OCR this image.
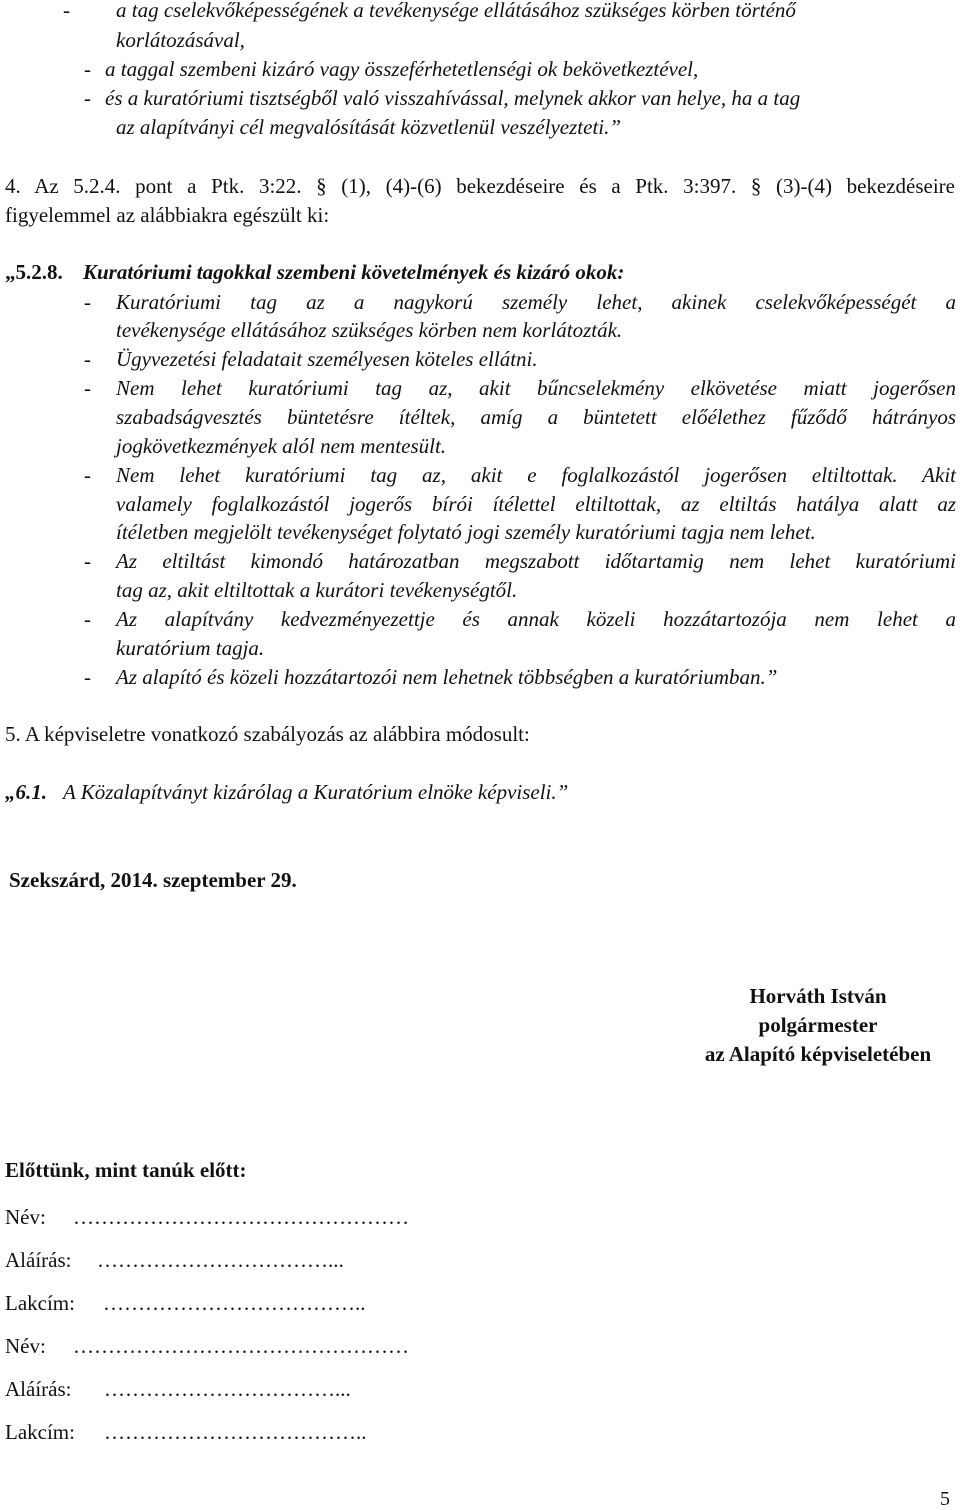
- a tag cselekvőképességének a tevékenysége ellátásához szükséges körben történő
korlátozásával,
- a taggal szembeni kizáró vagy összeférhetetlenségi ok bekövetkeztével,
- és a kuratóriumi tisztségből való visszahívással, melynek akkor van helye, ha a tag
az alapítványi cél megvalósítását közvetlenül veszélyezteti.”
4. Az 5.2.4. pont a Ptk. 3:22. § (1), (4)-(6) bekezdéseire és a Ptk. 3:397. § (3)-(4) bekezdéseire
figyelemmel az alábbiakra egészült ki:
„5.2.8. Kuratóriumi tagokkal szembeni követelmények és kizáró okok:
- Kuratóriumi tag az a nagykorú személy lehet, akinek cselekvőképességét a
tevékenysége ellátásához szükséges körben nem korlátozták.
- Ügyvezetési feladatait személyesen köteles ellátni.
- Nem lehet kuratóriumi tag az, akit bűncselekmény elkövetése miatt jogerősen
szabadságvesztés büntetésre ítéltek, amíg a büntetett előélethez fűződő hátrányos
jogkövetkezmények alól nem mentesült.
- Nem lehet kuratóriumi tag az, akit e foglalkozástól jogerősen eltiltottak. Akit
valamely foglalkozástól jogerős bírói ítélettel eltiltottak, az eltiltás hatálya alatt az
ítéletben megjelölt tevékenységet folytató jogi személy kuratóriumi tagja nem lehet.
- Az eltiltást kimondó határozatban megszabott időtartamig nem lehet kuratóriumi
tag az, akit eltiltottak a kurátori tevékenységtől.
- Az alapítvány kedvezményezettje és annak közeli hozzátartozója nem lehet a
kuratórium tagja.
- Az alapító és közeli hozzátartozói nem lehetnek többségben a kuratóriumban.”
5. A képviseletre vonatkozó szabályozás az alábbira módosult:
„6.1. A Közalapítványt kizárólag a Kuratórium elnöke képviseli.”
Szekszárd, 2014. szeptember 29.
Horváth István
polgármester
az Alapító képviseletében
Előttünk, mint tanúk előtt:
Név: …………………………………………
Aláírás: ……………………………...
Lakcím: ………………………………..
Név: …………………………………………
Aláírás: ……………………………...
Lakcím: ………………………………..
5
